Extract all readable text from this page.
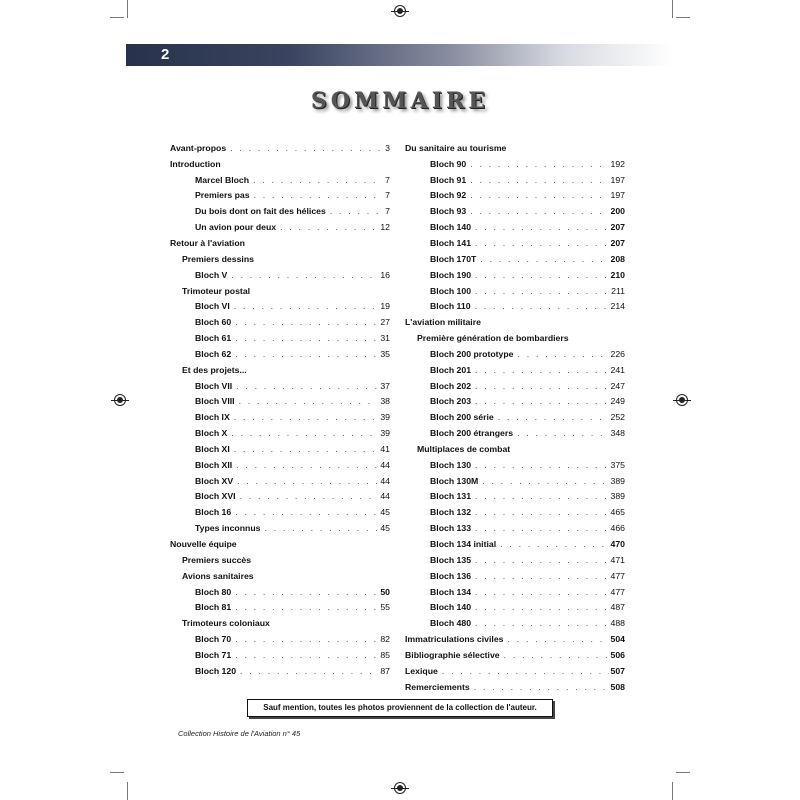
2
SOMMAIRE
Avant-propos . . .	3
Introduction
Marcel Bloch . . .	7
Premiers pas . . .	7
Du bois dont on fait des hélices . . .	7
Un avion pour deux . . .	12
Retour à l'aviation
Premiers dessins
Bloch V . . .	16
Trimoteur postal
Bloch VI . . .	19
Bloch 60 . . .	27
Bloch 61 . . .	31
Bloch 62 . . .	35
Et des projets...
Bloch VII . . .	37
Bloch VIII . . .	38
Bloch IX . . .	39
Bloch X . . .	39
Bloch XI . . .	41
Bloch XII . . .	44
Bloch XV . . .	44
Bloch XVI . . .	44
Bloch 16 . . .	45
Types inconnus . . .	45
Nouvelle équipe
Premiers succès
Avions sanitaires
Bloch 80 . . .	50
Bloch 81 . . .	55
Trimoteurs coloniaux
Bloch 70 . . .	82
Bloch 71 . . .	85
Bloch 120 . . .	87
Du sanitaire au tourisme
Bloch 90 . . .	192
Bloch 91 . . .	197
Bloch 92 . . .	197
Bloch 93 . . .	200
Bloch 140 . . .	207
Bloch 141 . . .	207
Bloch 170T . . .	208
Bloch 190 . . .	210
Bloch 100 . . .	211
Bloch 110 . . .	214
L'aviation militaire
Première génération de bombardiers
Bloch 200 prototype . . .	226
Bloch 201 . . .	241
Bloch 202 . . .	247
Bloch 203 . . .	249
Bloch 200 série . . .	252
Bloch 200 étrangers . . .	348
Multiplaces de combat
Bloch 130 . . .	375
Bloch 130M . . .	389
Bloch 131 . . .	389
Bloch 132 . . .	465
Bloch 133 . . .	466
Bloch 134 initial . . .	470
Bloch 135 . . .	471
Bloch 136 . . .	477
Bloch 134 . . .	477
Bloch 140 . . .	487
Bloch 480 . . .	488
Immatriculations civiles . . .	504
Bibliographie sélective . . .	506
Lexique . . .	507
Remerciements . . .	508
Sauf mention, toutes les photos proviennent de la collection de l'auteur.
Collection Histoire de l'Aviation n° 45
